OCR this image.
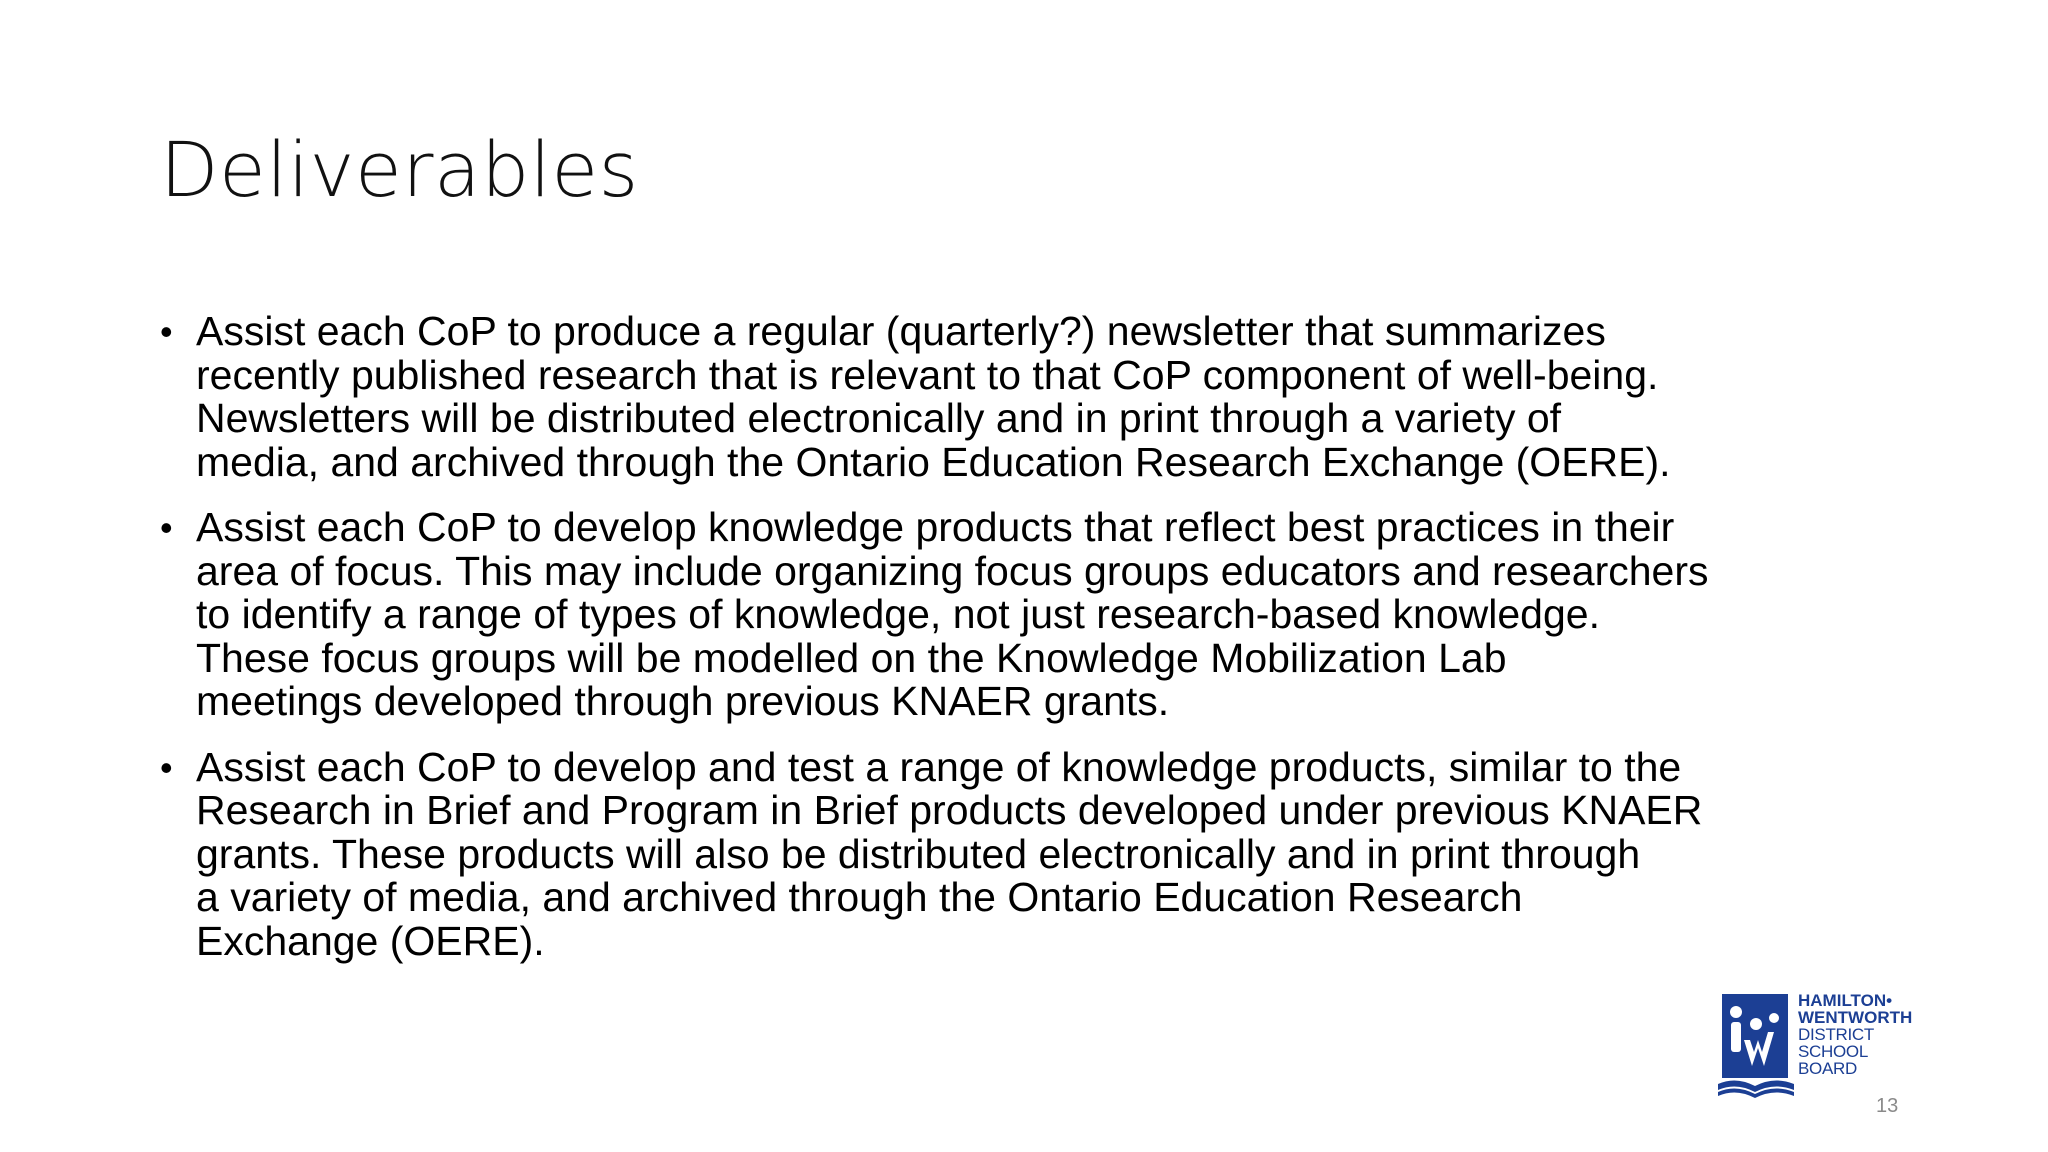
Deliverables
• Assist each CoP to produce a regular (quarterly?) newsletter that summarizes
recently published research that is relevant to that CoP component of well-being.
Newsletters will be distributed electronically and in print through a variety of
media, and archived through the Ontario Education Research Exchange (OERE).
• Assist each CoP to develop knowledge products that reflect best practices in their
area of focus. This may include organizing focus groups educators and researchers
to identify a range of types of knowledge, not just research-based knowledge.
These focus groups will be modelled on the Knowledge Mobilization Lab
meetings developed through previous KNAER grants.
• Assist each CoP to develop and test a range of knowledge products, similar to the
Research in Brief and Program in Brief products developed under previous KNAER
grants. These products will also be distributed electronically and in print through
a variety of media, and archived through the Ontario Education Research
Exchange (OERE).
HAMILTON•
WENTWORTH
DISTRICT
SCHOOL
BOARD
13
